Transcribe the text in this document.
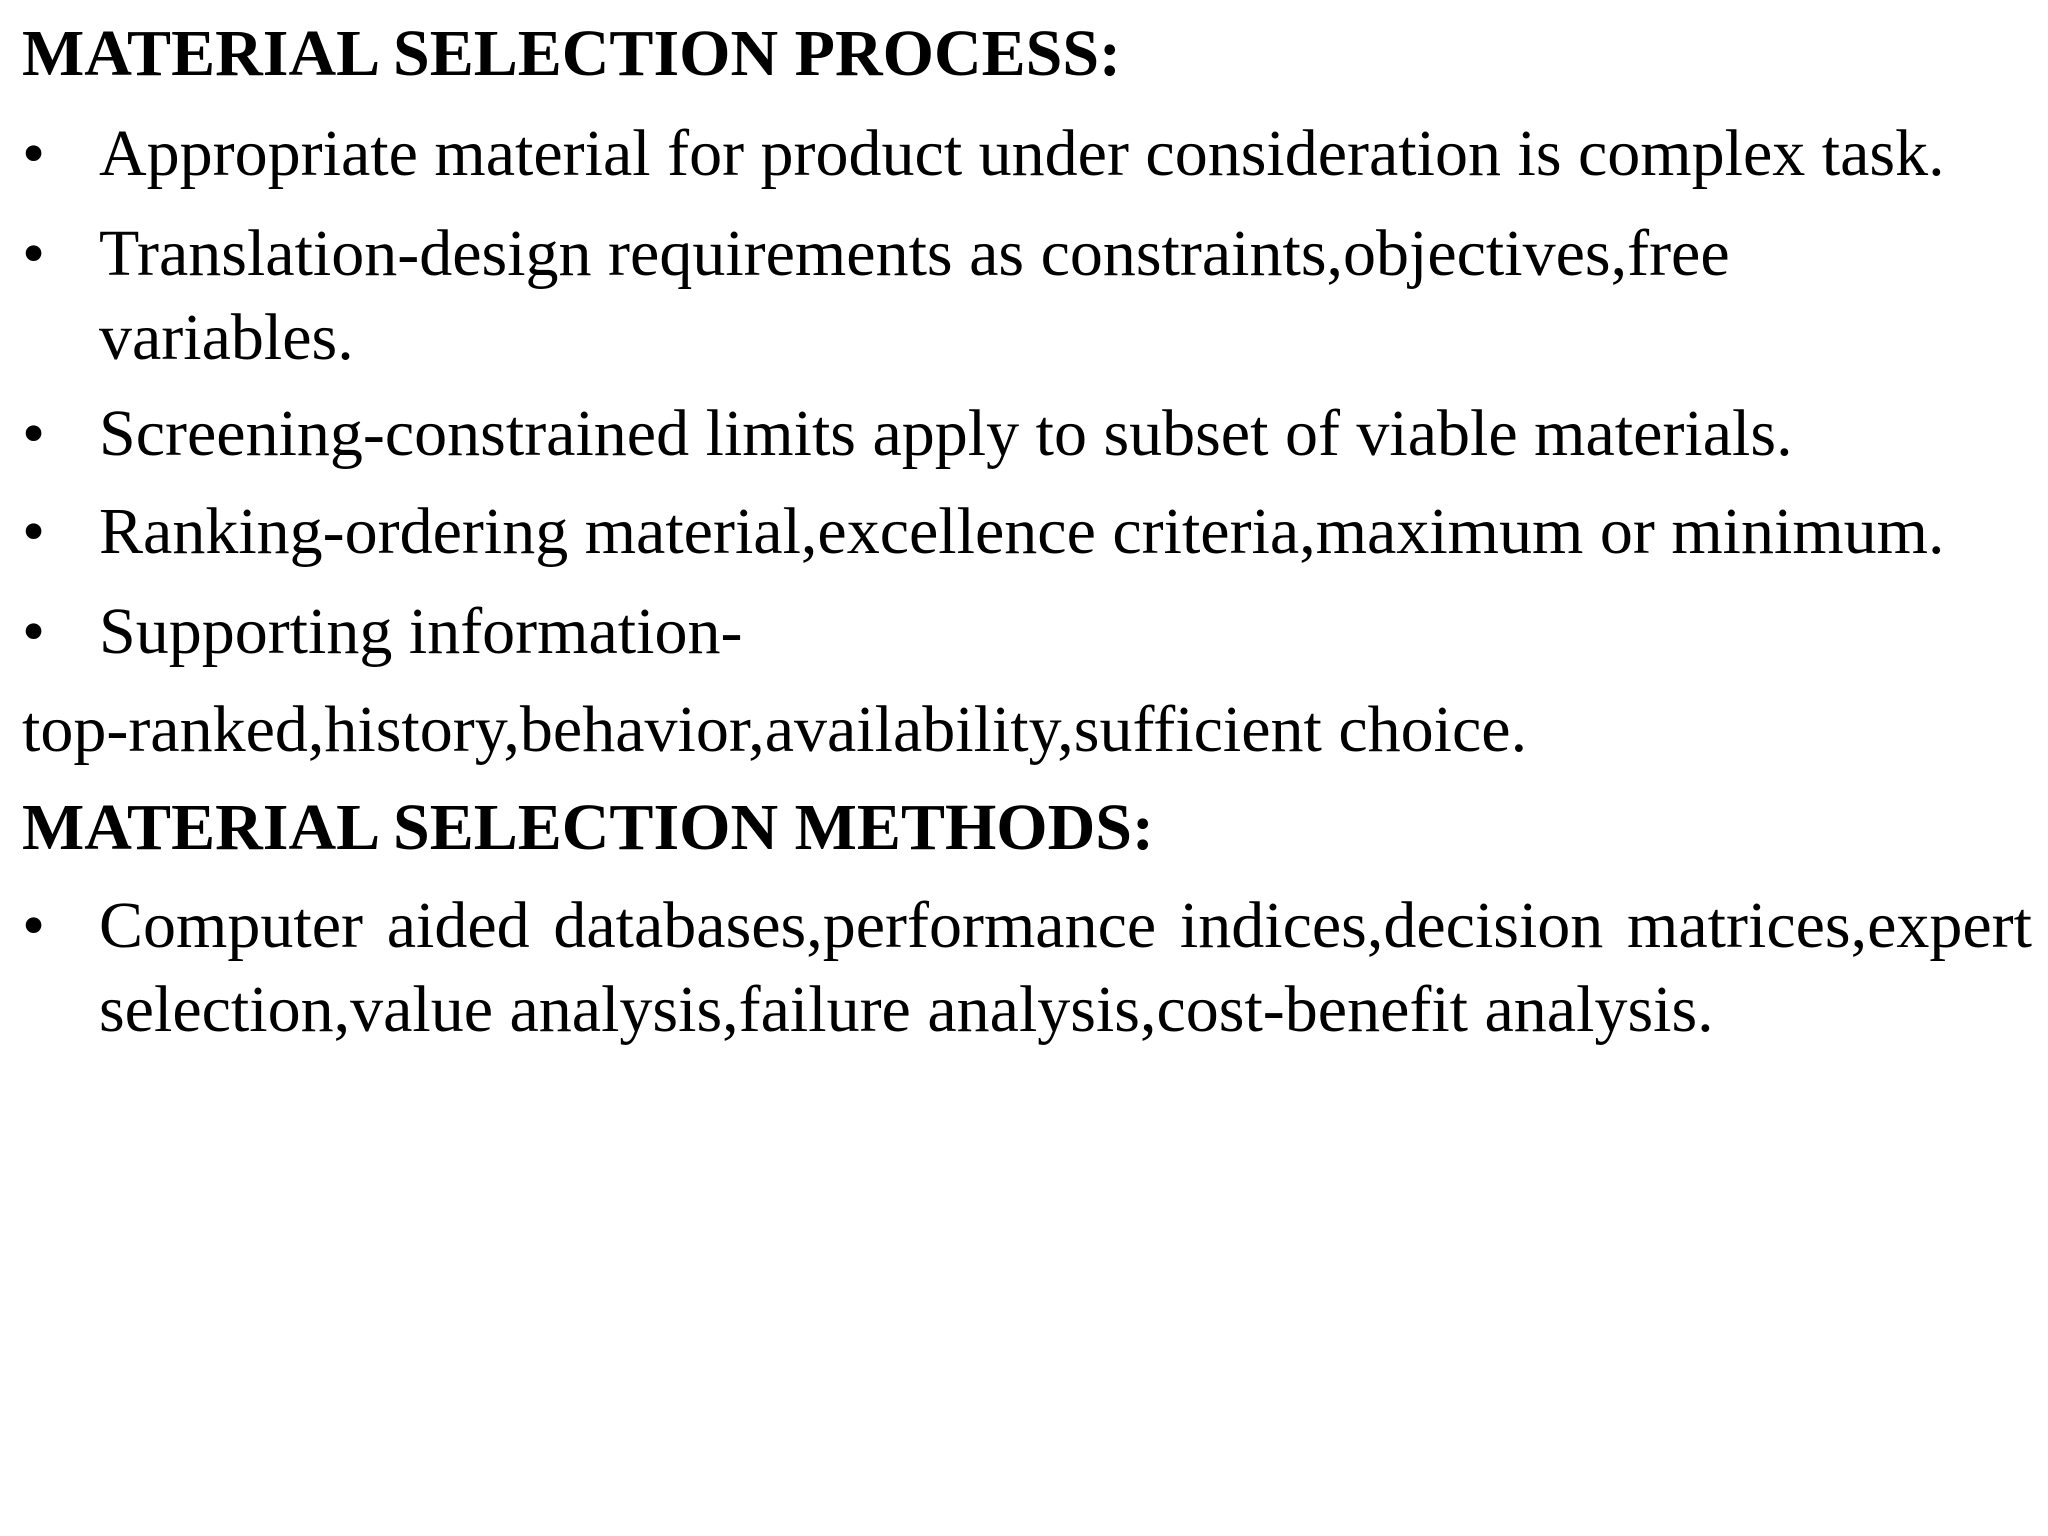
MATERIAL SELECTION PROCESS:
• Appropriate material for product under consideration is complex task.
• Translation-design requirements as constraints,objectives,free variables.
• Screening-constrained limits apply to subset of viable materials.
• Ranking-ordering material,excellence criteria,maximum or minimum.
• Supporting information-
top-ranked,history,behavior,availability,sufficient choice.
MATERIAL SELECTION METHODS:
• Computer aided databases,performance indices,decision matrices,expert selection,value analysis,failure analysis,cost-benefit analysis.
